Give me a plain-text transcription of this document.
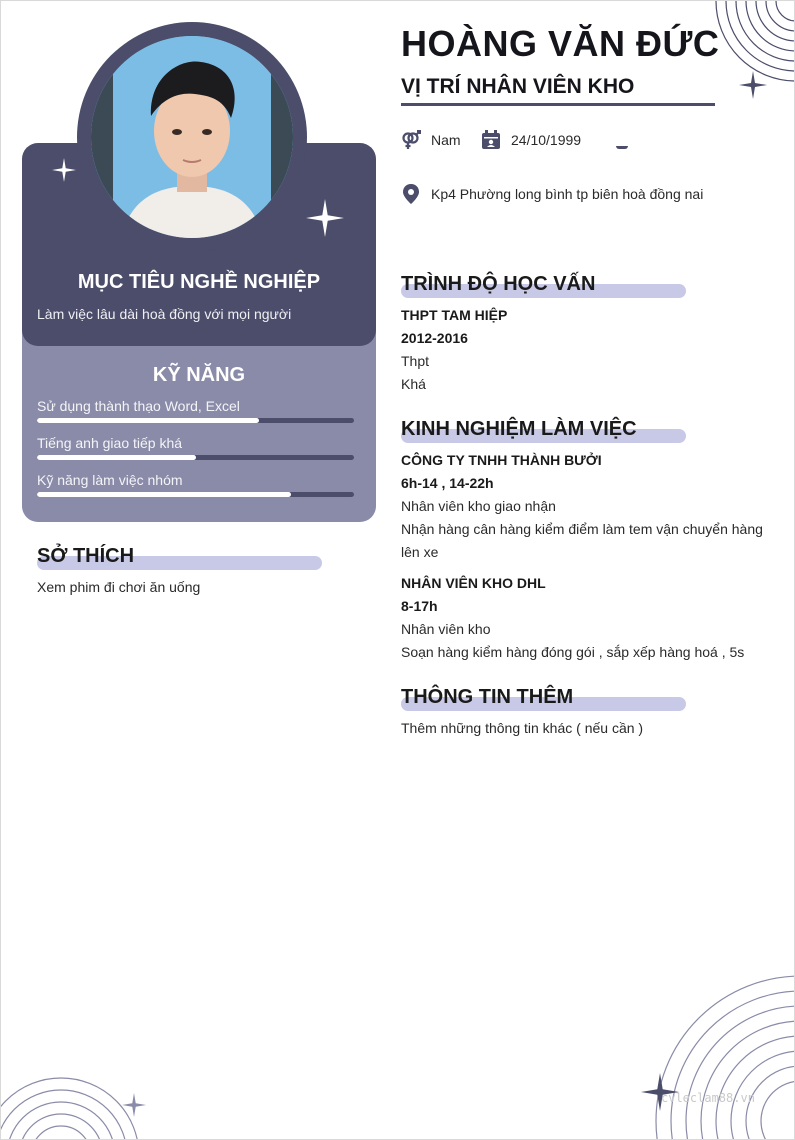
MỤC TIÊU NGHỀ NGHIỆP
Làm việc lâu dài hoà đồng với mọi người
KỸ NĂNG
Sử dụng thành thạo Word, Excel
Tiếng anh giao tiếp khá
Kỹ năng làm việc nhóm
SỞ THÍCH
Xem phim đi chơi ăn uống
HOÀNG VĂN ĐỨC
VỊ TRÍ NHÂN VIÊN KHO
Nam	24/10/1999
Kp4 Phường long bình tp biên hoà đồng nai
TRÌNH ĐỘ HỌC VẤN
THPT TAM HIỆP
2012-2016
Thpt
Khá
KINH NGHIỆM LÀM VIỆC
CÔNG TY TNHH THÀNH BƯỞI
6h-14 , 14-22h
Nhân viên kho giao nhận
Nhận hàng cân hàng kiểm điểm làm tem vận chuyển hàng
lên xe
NHÂN VIÊN KHO DHL
8-17h
Nhân viên kho
Soạn hàng kiểm hàng đóng gói , sắp xếp hàng hoá , 5s
THÔNG TIN THÊM
Thêm những thông tin khác ( nếu cần )
cvleclam88.vn
